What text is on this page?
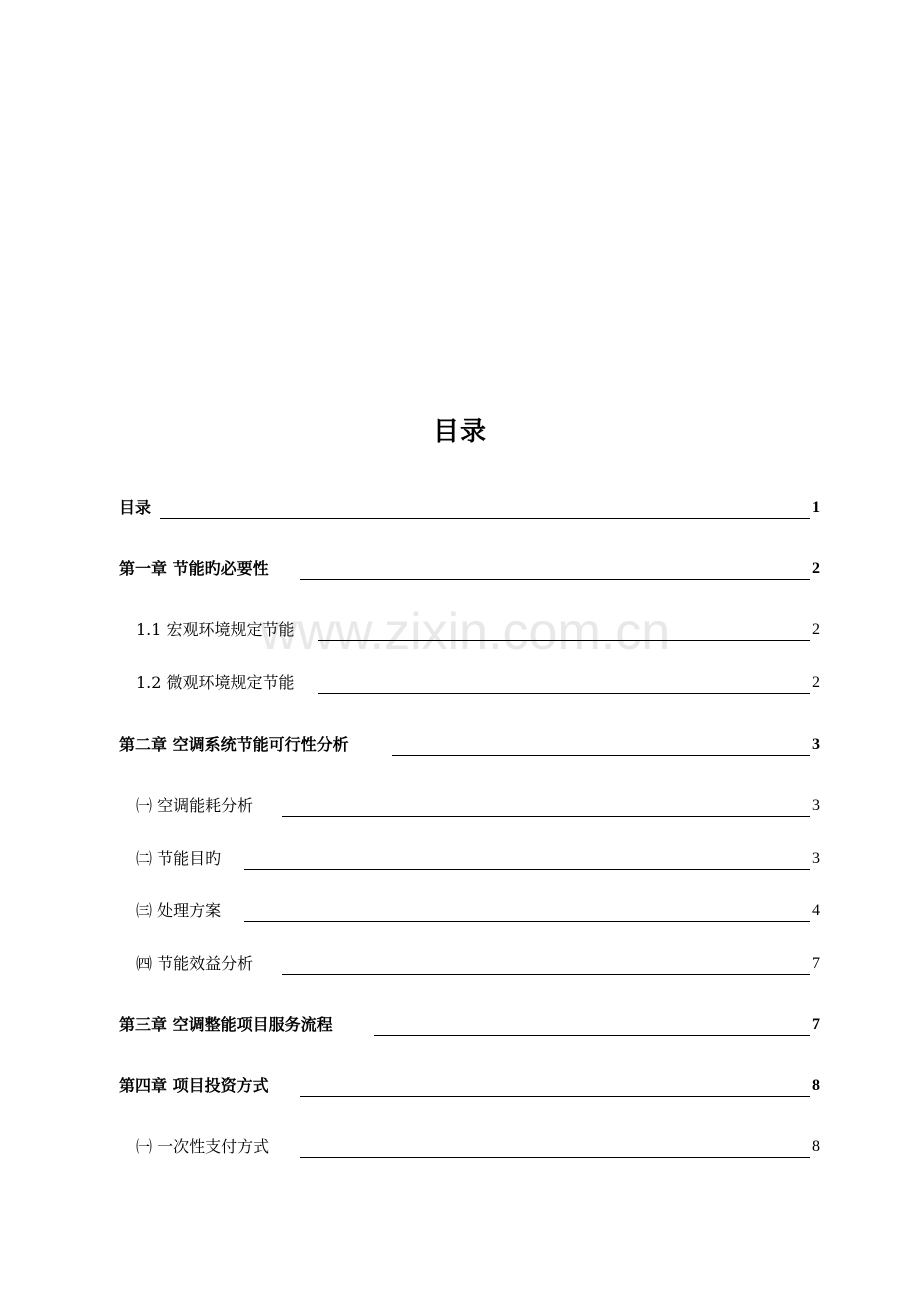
www.zixin.com.cn
目录
目录	1
第一章 节能旳必要性	2
1.1 宏观环境规定节能	2
1.2 微观环境规定节能	2
第二章 空调系统节能可行性分析	3
㈠ 空调能耗分析	3
㈡ 节能目旳	3
㈢ 处理方案	4
㈣ 节能效益分析	7
第三章 空调整能项目服务流程	7
第四章 项目投资方式	8
㈠ 一次性支付方式	8
